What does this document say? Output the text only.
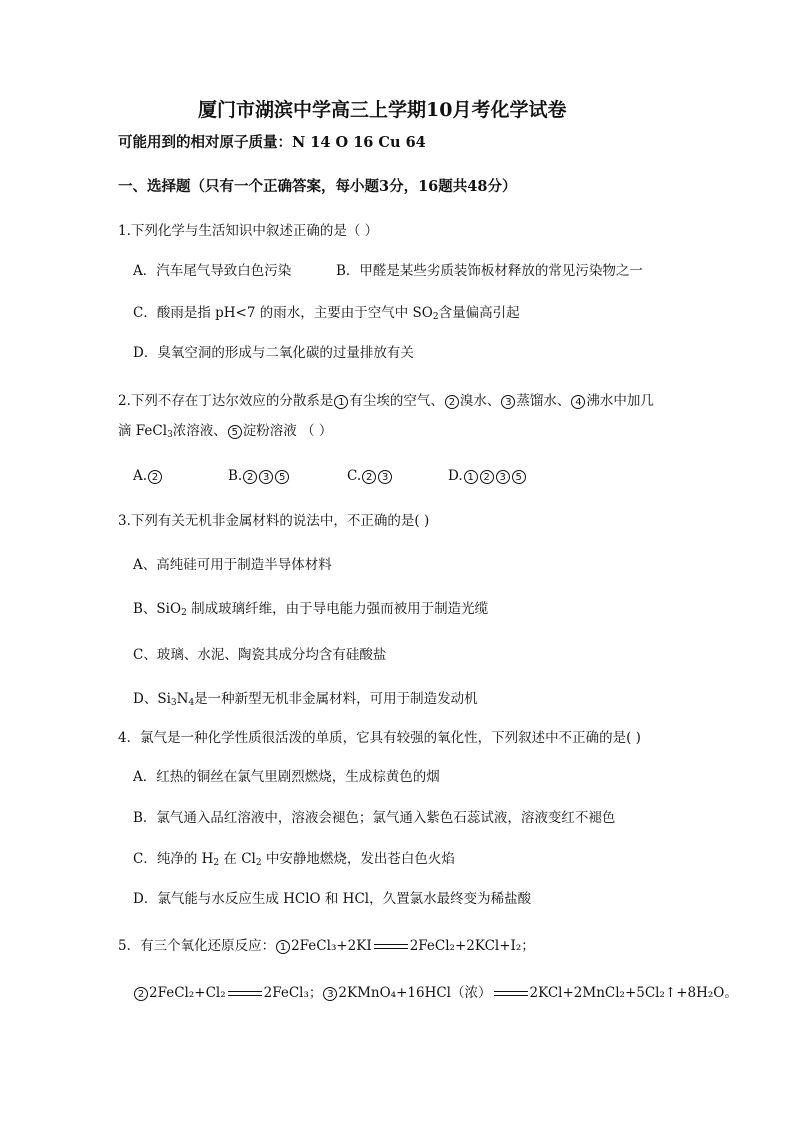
厦门市湖滨中学高三上学期10月考化学试卷
可能用到的相对原子质量：N 14 O 16 Cu 64
一、选择题（只有一个正确答案，每小题3分，16题共48分）
1.下列化学与生活知识中叙述正确的是（ ）
A．汽车尾气导致白色污染	B．甲醛是某些劣质装饰板材释放的常见污染物之一
C．酸雨是指 pH<7 的雨水，主要由于空气中 $SO_2$含量偏高引起
D．臭氧空洞的形成与二氧化碳的过量排放有关
2.下列不存在丁达尔效应的分散系是 1 有尘埃的空气、 2 溴水、 3 蒸馏水、 4 沸水中加几
滴 FeCl$_3$浓溶液、 5 淀粉溶液 （ ）
A. 2	B. 2 3 5	C. 2 3	D. 1 2 3 5
3.下列有关无机非金属材料的说法中，不正确的是( )
A、高纯硅可用于制造半导体材料
B、SiO$_2$ 制成玻璃纤维，由于导电能力强而被用于制造光缆
C、玻璃、水泥、陶瓷其成分均含有硅酸盐
D、$Si_3N_4$是一种新型无机非金属材料，可用于制造发动机
4．氯气是一种化学性质很活泼的单质，它具有较强的氧化性，下列叙述中不正确的是( )
A．红热的铜丝在氯气里剧烈燃烧，生成棕黄色的烟
B．氯气通入品红溶液中，溶液会褪色；氯气通入紫色石蕊试液，溶液变红不褪色
C．纯净的 $H_2$ 在 $Cl_2$ 中安静地燃烧，发出苍白色火焰
D．氯气能与水反应生成 HClO 和 HCl，久置氯水最终变为稀盐酸
5．有三个氧化还原反应： 1 2FeCl₃+2KI	2FeCl₂+2KCl+I₂；
2 2FeCl₂+Cl₂	2FeCl₃； 3 2KMnO₄+16HCl（浓）	2KCl+2MnCl₂+5Cl₂↑+8H₂O。
